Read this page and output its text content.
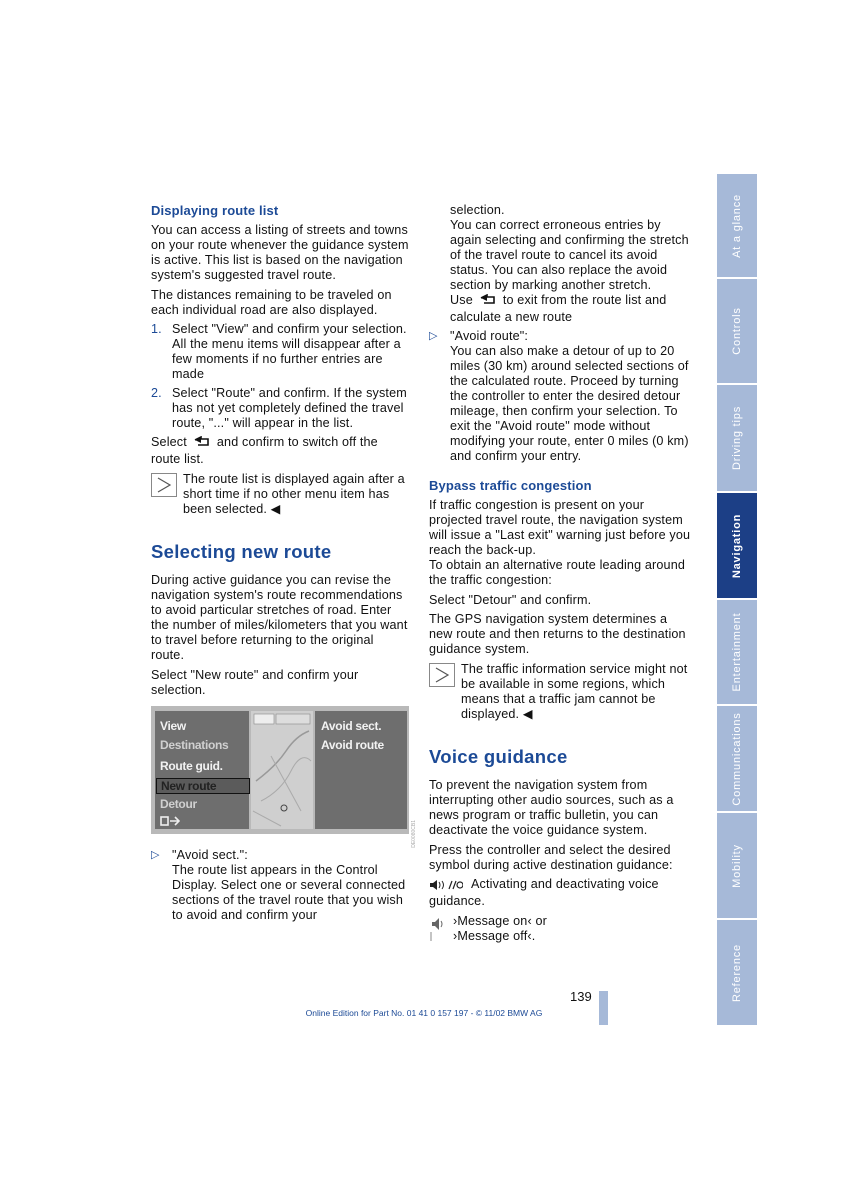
Displaying route list

You can access a listing of streets and towns on your route whenever the guidance system is active. This list is based on the navigation system's suggested travel route.

The distances remaining to be traveled on each individual road are also displayed.

1. Select "View" and confirm your selection. All the menu items will disappear after a few moments if no further entries are made
2. Select "Route" and confirm. If the system has not yet completely defined the travel route, "..." will appear in the list.

Select and confirm to switch off the route list.

The route list is displayed again after a short time if no other menu item has been selected. ◀
Selecting new route

During active guidance you can revise the navigation system's route recommendations to avoid particular stretches of road. Enter the number of miles/kilometers that you want to travel before returning to the original route.

Select "New route" and confirm your selection.

View
Destinations
Route guid.
New route
Detour
Avoid sect.
Avoid route
▷ "Avoid sect.":
The route list appears in the Control Display. Select one or several connected sections of the travel route that you wish to avoid and confirm your
DE0080CB1
selection.
You can correct erroneous entries by again selecting and confirming the stretch of the travel route to cancel its avoid status. You can also replace the avoid section by marking another stretch.
Use to exit from the route list and calculate a new route
▷ "Avoid route":
You can also make a detour of up to 20 miles (30 km) around selected sections of the calculated route. Proceed by turning the controller to enter the desired detour mileage, then confirm your selection. To exit the "Avoid route" mode without modifying your route, enter 0 miles (0 km) and confirm your entry.
Bypass traffic congestion
If traffic congestion is present on your projected travel route, the navigation system will issue a "Last exit" warning just before you reach the back-up.

To obtain an alternative route leading around the traffic congestion:

Select "Detour" and confirm.

The GPS navigation system determines a new route and then returns to the destination guidance system.

The traffic information service might not be available in some regions, which means that a traffic jam cannot be displayed. ◀
Voice guidance

To prevent the navigation system from interrupting other audio sources, such as a news program or traffic bulletin, you can deactivate the voice guidance system.

Press the controller and select the desired symbol during active destination guidance:

Activating and deactivating voice guidance.

›Message on‹ or
›Message off‹.
At a glance
Controls
Driving tips
Navigation
Entertainment
Communications
Mobility
Reference
139
Online Edition for Part No. 01 41 0 157 197 - © 11/02 BMW AG
